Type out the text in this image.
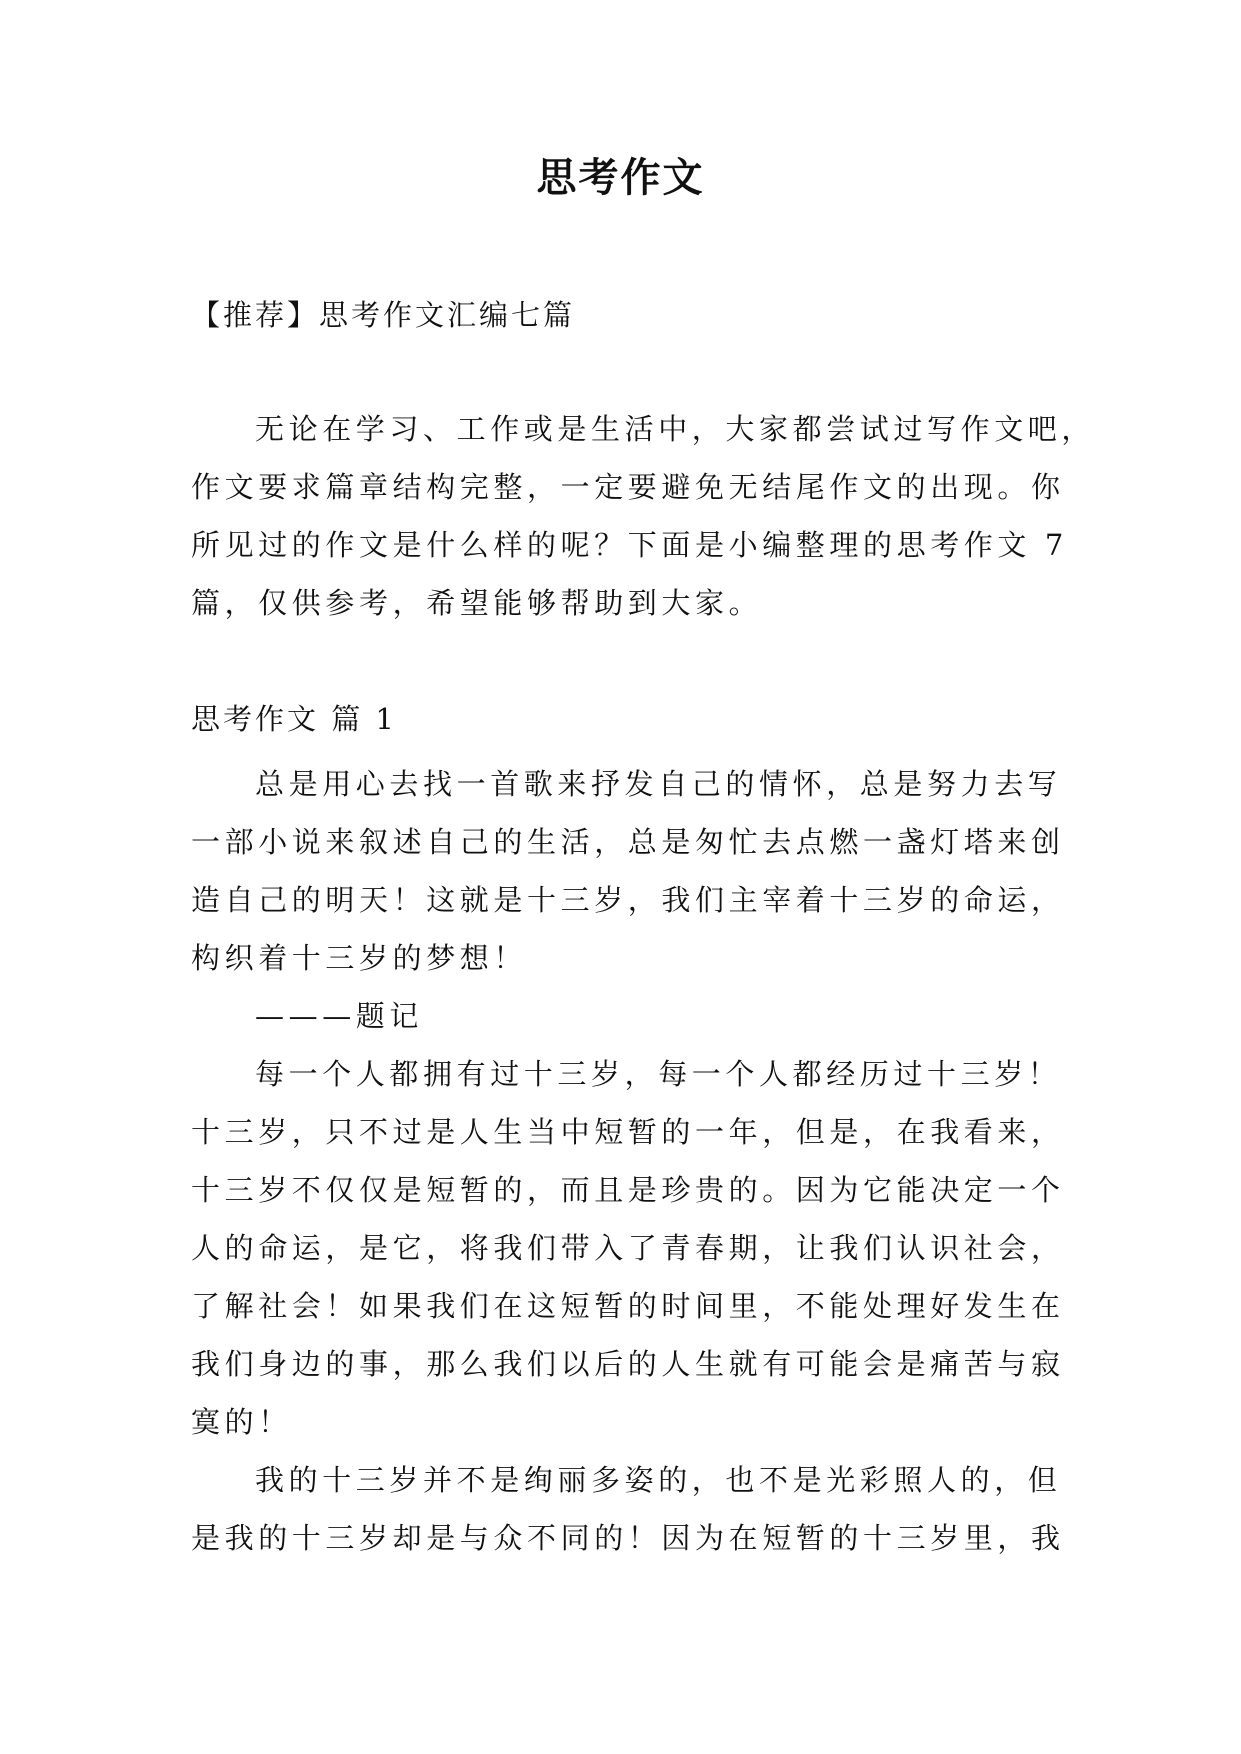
思考作文

【推荐】思考作文汇编七篇

无论在学习、工作或是生活中，大家都尝试过写作文吧，
作文要求篇章结构完整，一定要避免无结尾作文的出现。你
所见过的作文是什么样的呢？下面是小编整理的思考作文 7
篇，仅供参考，希望能够帮助到大家。

思考作文 篇 1

总是用心去找一首歌来抒发自己的情怀，总是努力去写
一部小说来叙述自己的生活，总是匆忙去点燃一盏灯塔来创
造自己的明天！这就是十三岁，我们主宰着十三岁的命运，
构织着十三岁的梦想！
———题记
每一个人都拥有过十三岁，每一个人都经历过十三岁！
十三岁，只不过是人生当中短暂的一年，但是，在我看来，
十三岁不仅仅是短暂的，而且是珍贵的。因为它能决定一个
人的命运，是它，将我们带入了青春期，让我们认识社会，
了解社会！如果我们在这短暂的时间里，不能处理好发生在
我们身边的事，那么我们以后的人生就有可能会是痛苦与寂
寞的！
我的十三岁并不是绚丽多姿的，也不是光彩照人的，但
是我的十三岁却是与众不同的！因为在短暂的十三岁里，我
